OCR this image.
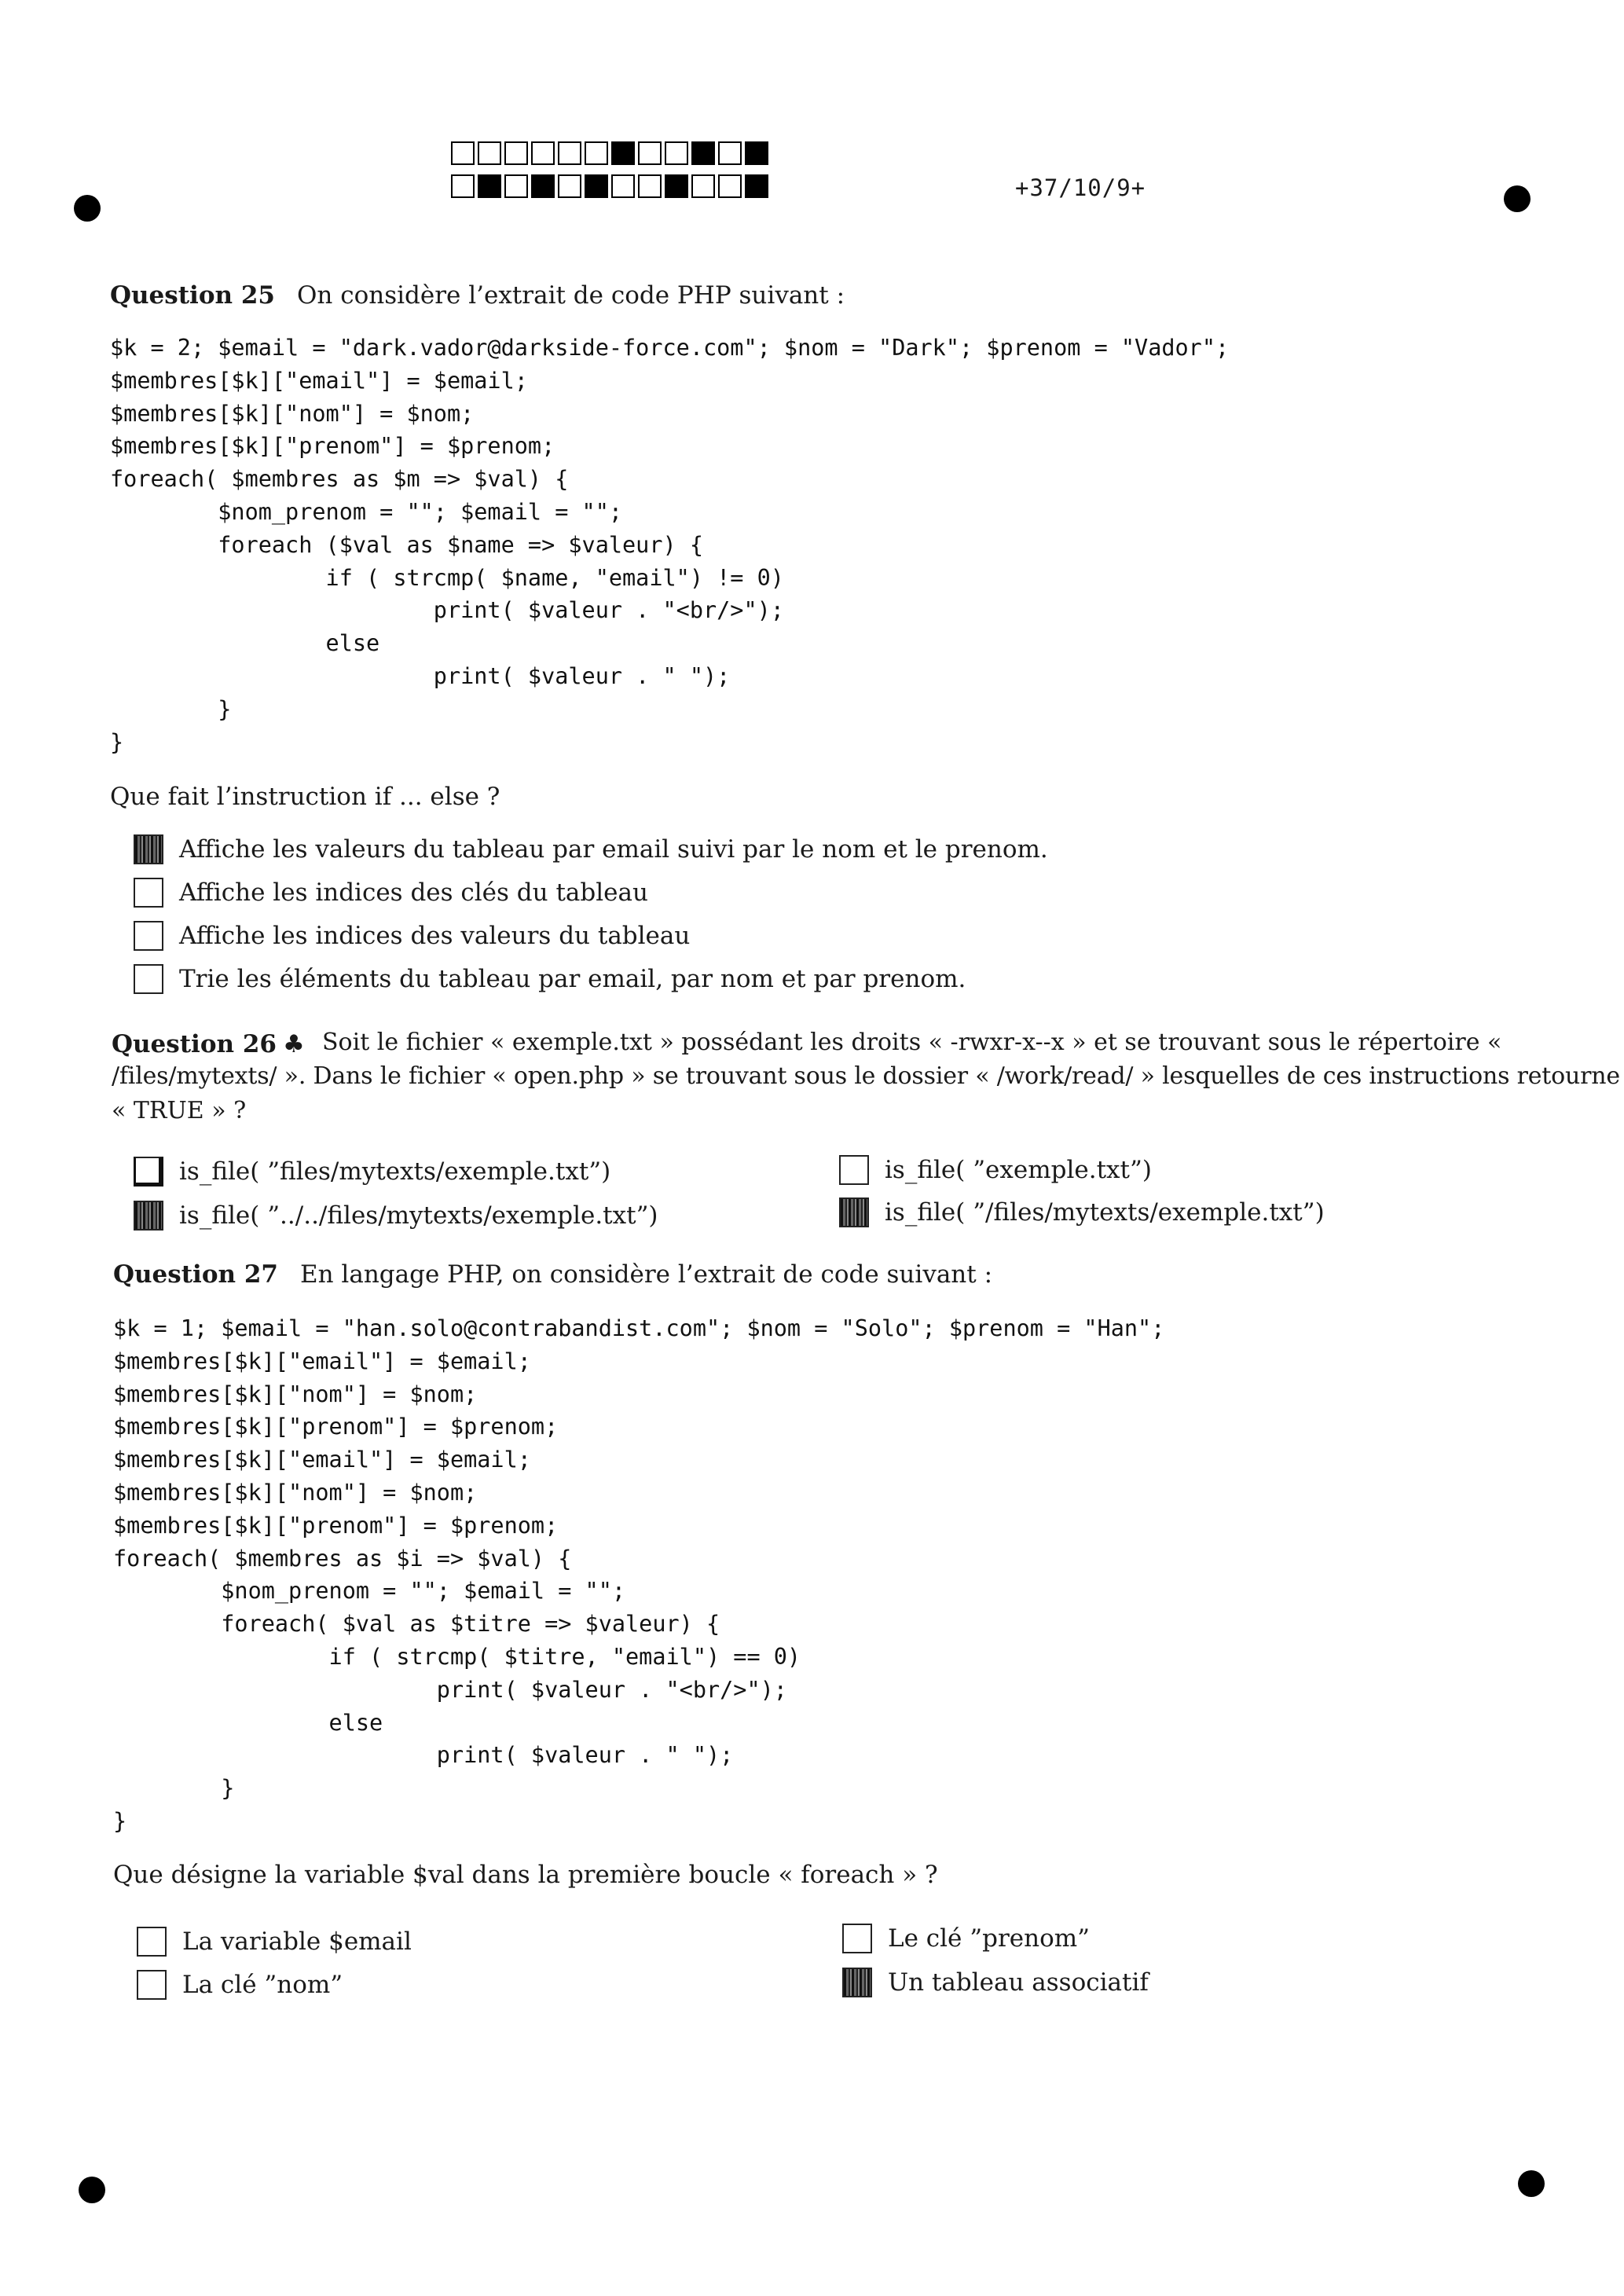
+37/10/9+
Question 25 On considère l’extrait de code PHP suivant :
$k = 2; $email = "dark.vador@darkside-force.com"; $nom = "Dark"; $prenom = "Vador";
$membres[$k]["email"] = $email;
$membres[$k]["nom"] = $nom;
$membres[$k]["prenom"] = $prenom;
foreach( $membres as $m => $val) {
$nom_prenom = ""; $email = "";
foreach ($val as $name => $valeur) {
if ( strcmp( $name, "email") != 0)
print( $valeur . "<br/>");
else
print( $valeur . " ");
}
}
Que fait l’instruction if ... else ?
Affiche les valeurs du tableau par email suivi par le nom et le prenom.
Affiche les indices des clés du tableau
Affiche les indices des valeurs du tableau
Trie les éléments du tableau par email, par nom et par prenom.
Question 26 ♣ Soit le fichier « exemple.txt » possédant les droits « -rwxr-x--x » et se trouvant sous le répertoire «
/files/mytexts/ ». Dans le fichier « open.php » se trouvant sous le dossier « /work/read/ » lesquelles de ces instructions retourne
« TRUE » ?
is_file( ”files/mytexts/exemple.txt”)	is_file( ”exemple.txt”)
is_file( ”../../files/mytexts/exemple.txt”)	is_file( ”/files/mytexts/exemple.txt”)
Question 27 En langage PHP, on considère l’extrait de code suivant :
$k = 1; $email = "han.solo@contrabandist.com"; $nom = "Solo"; $prenom = "Han";
$membres[$k]["email"] = $email;
$membres[$k]["nom"] = $nom;
$membres[$k]["prenom"] = $prenom;
$membres[$k]["email"] = $email;
$membres[$k]["nom"] = $nom;
$membres[$k]["prenom"] = $prenom;
foreach( $membres as $i => $val) {
$nom_prenom = ""; $email = "";
foreach( $val as $titre => $valeur) {
if ( strcmp( $titre, "email") == 0)
print( $valeur . "<br/>");
else
print( $valeur . " ");
}
}
Que désigne la variable $val dans la première boucle « foreach » ?
La variable $email	Le clé ”prenom”
La clé ”nom”	Un tableau associatif
